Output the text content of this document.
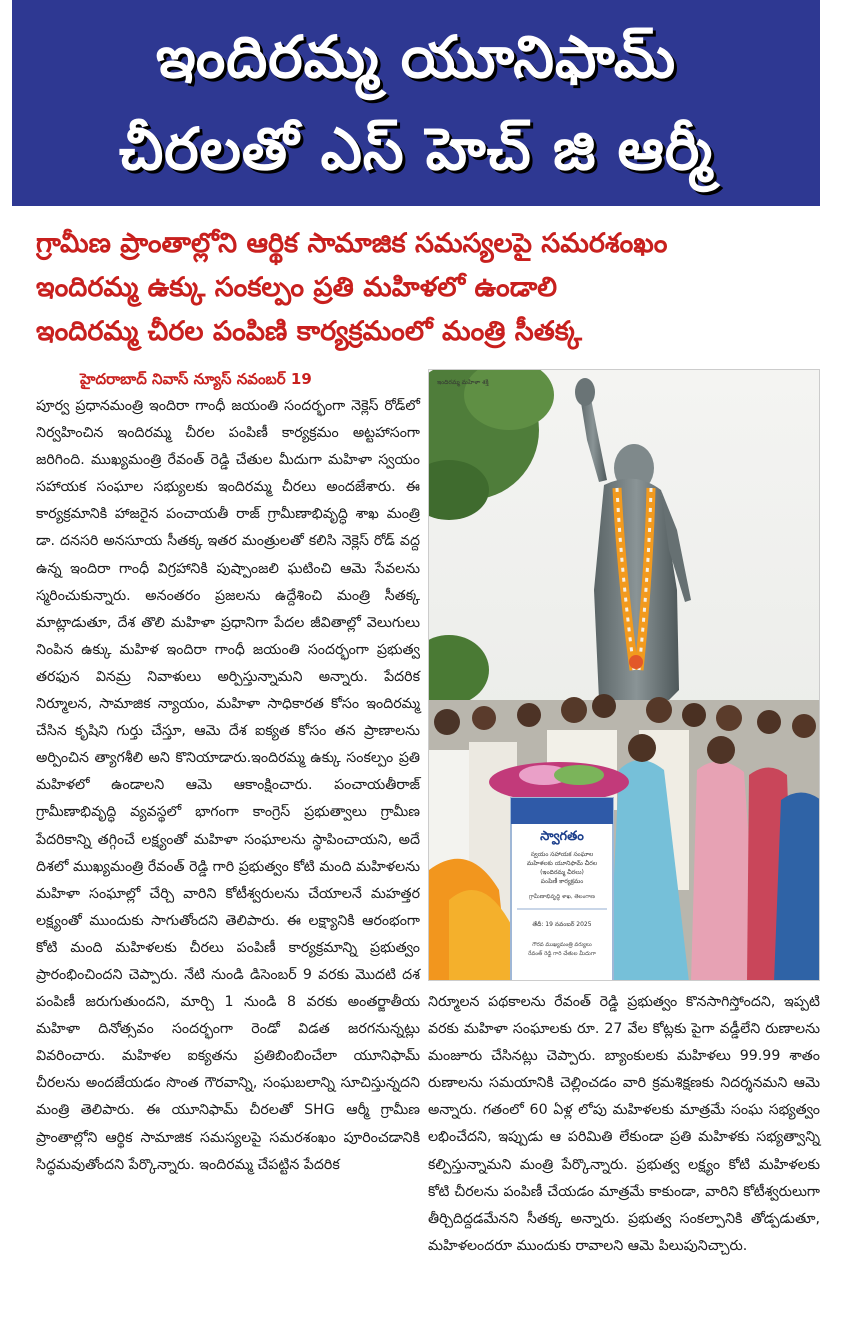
ఇందిరమ్మ యూనిఫామ్
చీరలతో ఎస్ హెచ్ జి ఆర్మీ
గ్రామీణ ప్రాంతాల్లోని ఆర్థిక సామాజిక సమస్యలపై సమరశంఖం
ఇందిరమ్మ ఉక్కు సంకల్పం ప్రతి మహిళలో ఉండాలి
ఇందిరమ్మ చీరల పంపిణి కార్యక్రమంలో మంత్రి సీతక్క
హైదరాబాద్ నివాస్ న్యూస్ నవంబర్ 19

పూర్వ ప్రధానమంత్రి ఇందిరా గాంధీ జయంతి సందర్భంగా నెక్లెస్ రోడ్‌లో నిర్వహించిన ఇందిరమ్మ చీరల పంపిణీ కార్యక్రమం అట్టహాసంగా జరిగింది. ముఖ్యమంత్రి రేవంత్ రెడ్డి చేతుల మీదుగా మహిళా స్వయం సహాయక సంఘాల సభ్యులకు ఇందిరమ్మ చీరలు అందజేశారు. ఈ కార్యక్రమానికి హాజరైన పంచాయతీ రాజ్ గ్రామీణాభివృద్ధి శాఖ మంత్రి డా. దనసరి అనసూయ సీతక్క ఇతర మంత్రులతో కలిసి నెక్లెస్ రోడ్ వద్ద ఉన్న ఇందిరా గాంధీ విగ్రహానికి పుష్పాంజలి ఘటించి ఆమె సేవలను స్మరించుకున్నారు. అనంతరం ప్రజలను ఉద్దేశించి మంత్రి సీతక్క మాట్లాడుతూ, దేశ తొలి మహిళా ప్రధానిగా పేదల జీవితాల్లో వెలుగులు నింపిన ఉక్కు మహిళ ఇందిరా గాంధీ జయంతి సందర్భంగా ప్రభుత్వ తరఫున వినమ్ర నివాళులు అర్పిస్తున్నామని అన్నారు. పేదరిక నిర్మూలన, సామాజిక న్యాయం, మహిళా సాధికారత కోసం ఇందిరమ్మ చేసిన కృషిని గుర్తు చేస్తూ, ఆమె దేశ ఐక్యత కోసం తన ప్రాణాలను అర్పించిన త్యాగశీలి అని కొనియాడారు.ఇందిరమ్మ ఉక్కు సంకల్పం ప్రతి మహిళలో ఉండాలని ఆమె ఆకాంక్షించారు. పంచాయతీరాజ్ గ్రామీణాభివృద్ధి వ్యవస్థలో భాగంగా కాంగ్రెస్ ప్రభుత్వాలు గ్రామీణ పేదరికాన్ని తగ్గించే లక్ష్యంతో మహిళా సంఘాలను స్థాపించాయని, అదే దిశలో ముఖ్యమంత్రి రేవంత్ రెడ్డి గారి ప్రభుత్వం కోటి మంది మహిళలను మహిళా సంఘాల్లో చేర్చి వారిని కోటీశ్వరులను చేయాలనే మహత్తర లక్ష్యంతో ముందుకు సాగుతోందని తెలిపారు. ఈ లక్ష్యానికి ఆరంభంగా కోటి మంది మహిళలకు చీరలు పంపిణీ కార్యక్రమాన్ని ప్రభుత్వం ప్రారంభించిందని చెప్పారు. నేటి నుండి డిసెంబర్ 9 వరకు మొదటి దశ పంపిణీ జరుగుతుందని, మార్చి 1 నుండి 8 వరకు అంతర్జాతీయ మహిళా దినోత్సవం సందర్భంగా రెండో విడత జరగనున్నట్లు వివరించారు. మహిళల ఐక్యతను ప్రతిబింబించేలా యూనిఫామ్ చీరలను అందజేయడం సొంత గౌరవాన్ని, సంఘబలాన్ని సూచిస్తున్నదని మంత్రి తెలిపారు. ఈ యూనిఫామ్ చీరలతో SHG ఆర్మీ గ్రామీణ ప్రాంతాల్లోని ఆర్థిక సామాజిక సమస్యలపై సమరశంఖం పూరించడానికి సిద్ధమవుతోందని పేర్కొన్నారు. ఇందిరమ్మ చేపట్టిన పేదరిక

స్వాగతం
స్వయం సహాయక సంఘాల
మహిళలకు యూనిఫామ్ చీరల
(ఇందిరమ్మ చీరలు)
పంపిణీ కార్యక్రమం
గ్రామీణాభివృద్ధి శాఖ, తెలంగాణ
తేదీ: 19 నవంబర్ 2025
గౌరవ ముఖ్యమంత్రి వర్యులు
రేవంత్ రెడ్డి గారి చేతుల మీదుగా
ఇందిరమ్మ మహిళా శక్తి

నిర్మూలన పథకాలను రేవంత్ రెడ్డి ప్రభుత్వం కొనసాగిస్తోందని, ఇప్పటి వరకు మహిళా సంఘాలకు రూ. 27 వేల కోట్లకు పైగా వడ్డీలేని రుణాలను మంజూరు చేసినట్లు చెప్పారు. బ్యాంకులకు మహిళలు 99.99 శాతం రుణాలను సమయానికి చెల్లించడం వారి క్రమశిక్షణకు నిదర్శనమని ఆమె అన్నారు. గతంలో 60 ఏళ్ల లోపు మహిళలకు మాత్రమే సంఘ సభ్యత్వం లభించేదని, ఇప్పుడు ఆ పరిమితి లేకుండా ప్రతి మహిళకు సభ్యత్వాన్ని కల్పిస్తున్నామని మంత్రి పేర్కొన్నారు. ప్రభుత్వ లక్ష్యం కోటి మహిళలకు కోటి చీరలను పంపిణీ చేయడం మాత్రమే కాకుండా, వారిని కోటీశ్వరులుగా తీర్చిదిద్దడమేనని సీతక్క అన్నారు. ప్రభుత్వ సంకల్పానికి తోడ్పడుతూ, మహిళలందరూ ముందుకు రావాలని ఆమె పిలుపునిచ్చారు.
